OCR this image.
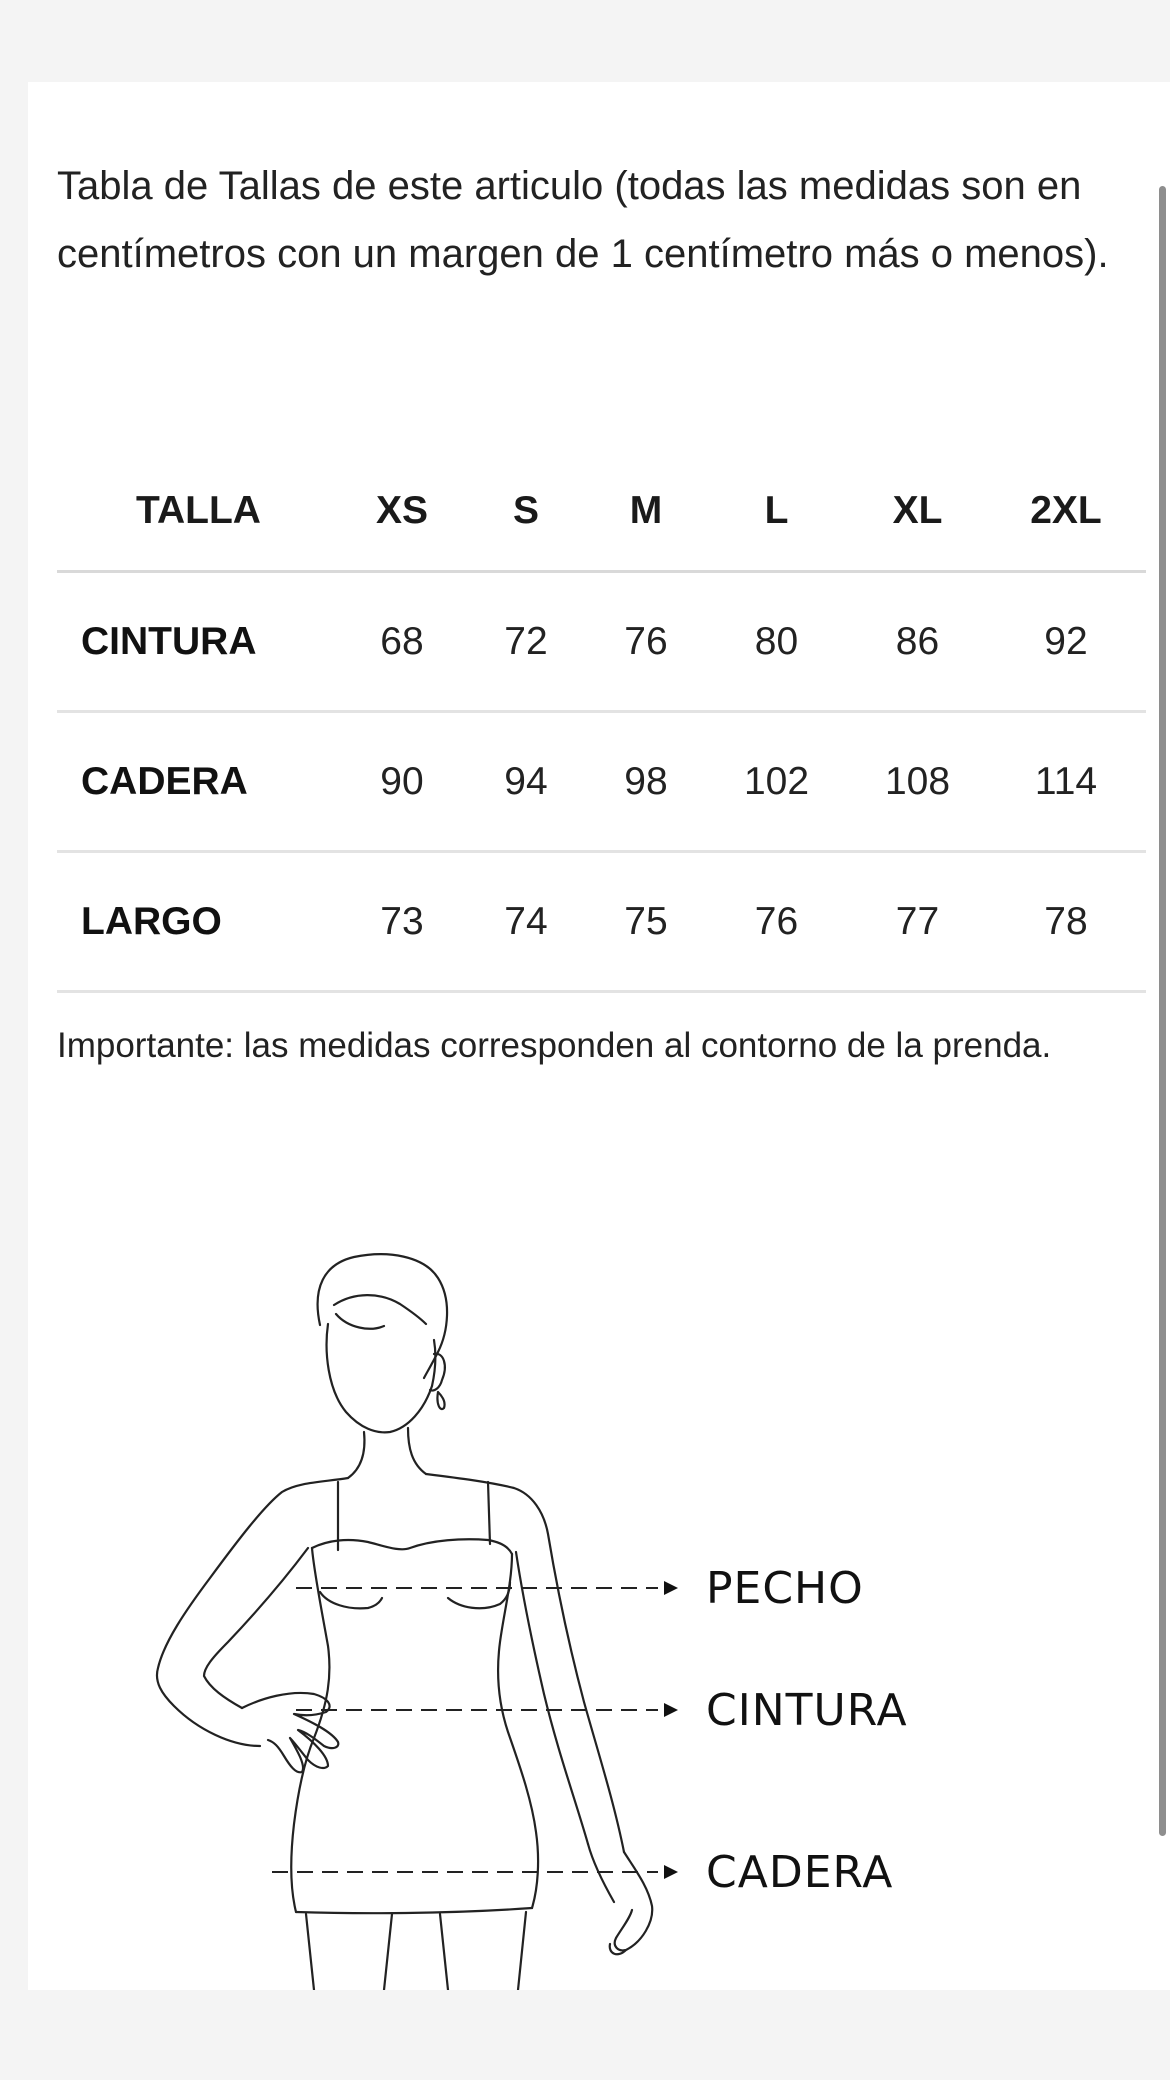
Tabla de Tallas de este articulo (todas las medidas son en centímetros con un margen de 1 centímetro más o menos).

TALLA	XS	S	M	L	XL	2XL
CINTURA	68	72	76	80	86	92
CADERA	90	94	98	102	108	114
LARGO	73	74	75	76	77	78

Importante: las medidas corresponden al contorno de la prenda.

PECHO
CINTURA
CADERA
